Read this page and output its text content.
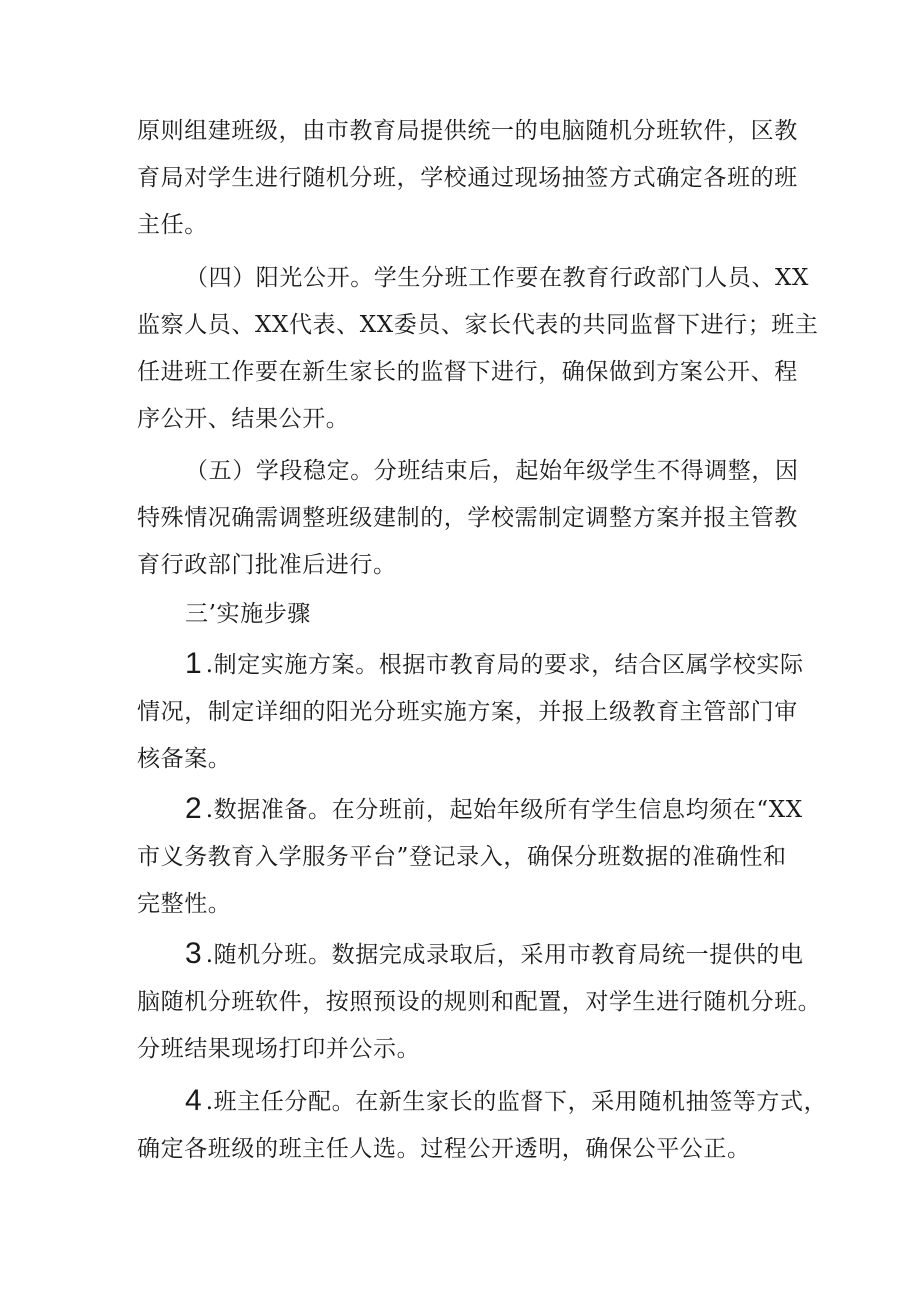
原则组建班级，由市教育局提供统一的电脑随机分班软件，区教
育局对学生进行随机分班，学校通过现场抽签方式确定各班的班
主任。
（四）阳光公开。学生分班工作要在教育行政部门人员、XX
监察人员、XX代表、XX委员、家长代表的共同监督下进行；班主
任进班工作要在新生家长的监督下进行，确保做到方案公开、程
序公开、结果公开。
（五）学段稳定。分班结束后，起始年级学生不得调整，因
特殊情况确需调整班级建制的，学校需制定调整方案并报主管教
育行政部门批准后进行。
三’实施步骤
1 .制定实施方案。根据市教育局的要求，结合区属学校实际
情况，制定详细的阳光分班实施方案，并报上级教育主管部门审
核备案。
2 .数据准备。在分班前，起始年级所有学生信息均须在“XX
市义务教育入学服务平台”登记录入，确保分班数据的准确性和
完整性。
3 .随机分班。数据完成录取后，采用市教育局统一提供的电
脑随机分班软件，按照预设的规则和配置，对学生进行随机分班。
分班结果现场打印并公示。
4 .班主任分配。在新生家长的监督下，采用随机抽签等方式，
确定各班级的班主任人选。过程公开透明，确保公平公正。
